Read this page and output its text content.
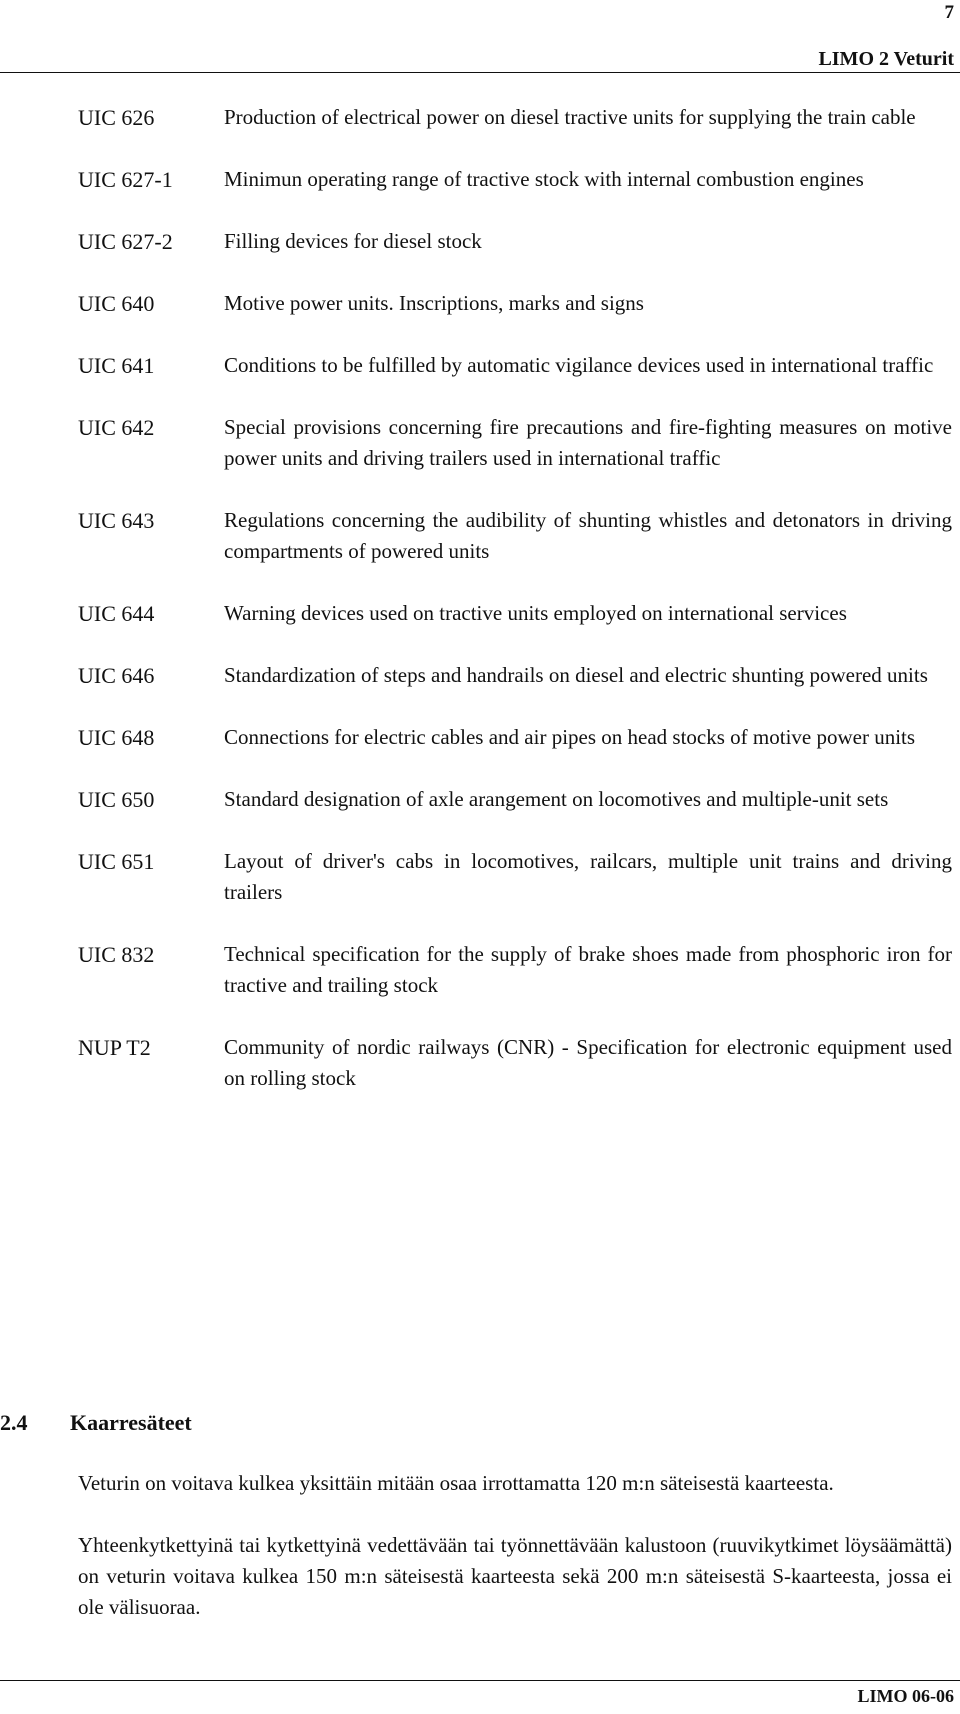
7
LIMO 2 Veturit
UIC 626	Production of electrical power on diesel tractive units for supplying the train cable
UIC 627-1	Minimun operating range of tractive stock with internal combustion engines
UIC 627-2	Filling devices for diesel stock
UIC 640	Motive power units. Inscriptions, marks and signs
UIC 641	Conditions to be fulfilled by automatic vigilance devices used in international traffic
UIC 642	Special provisions concerning fire precautions and fire-fighting measures on motive power units and driving trailers used in international traffic
UIC 643	Regulations concerning the audibility of shunting whistles and detonators in driving compartments of powered units
UIC 644	Warning devices used on tractive units employed on international services
UIC 646	Standardization of steps and handrails on diesel and electric shunting powered units
UIC 648	Connections for electric cables and air pipes on head stocks of motive power units
UIC 650	Standard designation of axle arangement on locomotives and multiple-unit sets
UIC 651	Layout of driver's cabs in locomotives, railcars, multiple unit trains and driving trailers
UIC 832	Technical specification for the supply of brake shoes made from phosphoric iron for tractive and trailing stock
NUP T2	Community of nordic railways (CNR) - Specification for electronic equipment used on rolling stock
2.4	Kaarresäteet

Veturin on voitava kulkea yksittäin mitään osaa irrottamatta 120 m:n säteisestä kaarteesta.

Yhteenkytkettyinä tai kytkettyinä vedettävään tai työnnettävään kalustoon (ruuvikytkimet löysäämättä) on veturin voitava kulkea 150 m:n säteisestä kaarteesta sekä 200 m:n säteisestä S-kaarteesta, jossa ei ole välisuoraa.

LIMO 06-06
